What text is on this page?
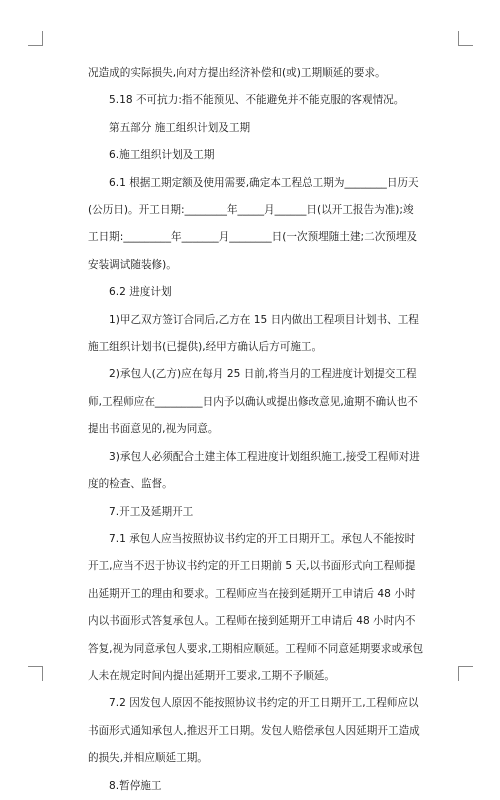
况造成的实际损失,向对方提出经济补偿和(或)工期顺延的要求。

5.18 不可抗力:指不能预见、不能避免并不能克服的客观情况。

第五部分 施工组织计划及工期

6.施工组织计划及工期

6.1 根据工期定额及使用需要,确定本工程总工期为________日历天(公历日)。开工日期:________年_____月______日(以开工报告为准);竣工日期:_________年_______月________日(一次预埋随土建;二次预埋及安装调试随装修)。

6.2 进度计划

1)甲乙双方签订合同后,乙方在 15 日内做出工程项目计划书、工程施工组织计划书(已提供),经甲方确认后方可施工。

2)承包人(乙方)应在每月 25 日前,将当月的工程进度计划提交工程师,工程师应在_________日内予以确认或提出修改意见,逾期不确认也不提出书面意见的,视为同意。

3)承包人必须配合土建主体工程进度计划组织施工,接受工程师对进度的检查、监督。

7.开工及延期开工

7.1 承包人应当按照协议书约定的开工日期开工。承包人不能按时开工,应当不迟于协议书约定的开工日期前 5 天,以书面形式向工程师提出延期开工的理由和要求。工程师应当在接到延期开工申请后 48 小时内以书面形式答复承包人。工程师在接到延期开工申请后 48 小时内不答复,视为同意承包人要求,工期相应顺延。工程师不同意延期要求或承包人未在规定时间内提出延期开工要求,工期不予顺延。

7.2 因发包人原因不能按照协议书约定的开工日期开工,工程师应以书面形式通知承包人,推迟开工日期。发包人赔偿承包人因延期开工造成的损失,并相应顺延工期。

8.暂停施工
